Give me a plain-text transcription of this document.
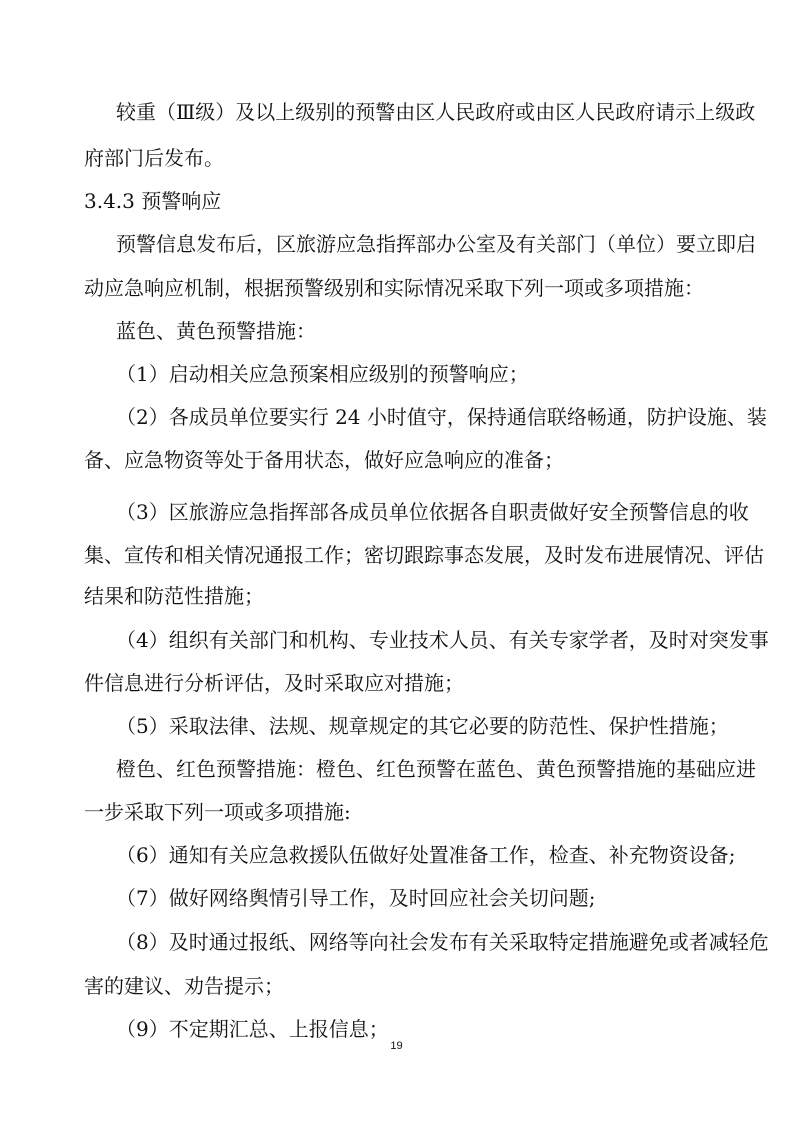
较重（Ⅲ级）及以上级别的预警由区人民政府或由区人民政府请示上级政
府部门后发布。
3.4.3 预警响应
预警信息发布后，区旅游应急指挥部办公室及有关部门（单位）要立即启
动应急响应机制，根据预警级别和实际情况采取下列一项或多项措施：
蓝色、黄色预警措施：
（1）启动相关应急预案相应级别的预警响应；
（2）各成员单位要实行 24 小时值守，保持通信联络畅通，防护设施、装
备、应急物资等处于备用状态，做好应急响应的准备；
（3）区旅游应急指挥部各成员单位依据各自职责做好安全预警信息的收
集、宣传和相关情况通报工作；密切跟踪事态发展，及时发布进展情况、评估
结果和防范性措施；
（4）组织有关部门和机构、专业技术人员、有关专家学者，及时对突发事
件信息进行分析评估，及时采取应对措施；
（5）采取法律、法规、规章规定的其它必要的防范性、保护性措施；
橙色、红色预警措施：橙色、红色预警在蓝色、黄色预警措施的基础应进
一步采取下列一项或多项措施:
（6）通知有关应急救援队伍做好处置准备工作，检查、补充物资设备;
（7）做好网络舆情引导工作，及时回应社会关切问题;
（8）及时通过报纸、网络等向社会发布有关采取特定措施避免或者减轻危
害的建议、劝告提示；
（9）不定期汇总、上报信息；
19
